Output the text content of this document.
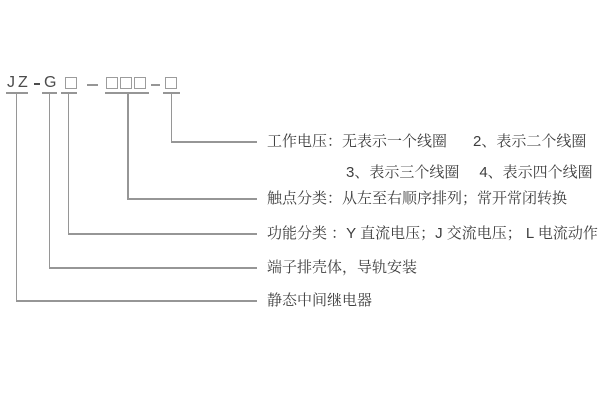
JZ G
工作电压：无表示一个线圈 2、表示二个线圈
3、表示三个线圈 4、表示四个线圈
触点分类：从左至右顺序排列；常开常闭转换
功能分类 ：Y 直流电压；J 交流电压； L 电流动作
端子排壳体，导轨安装
静态中间继电器
